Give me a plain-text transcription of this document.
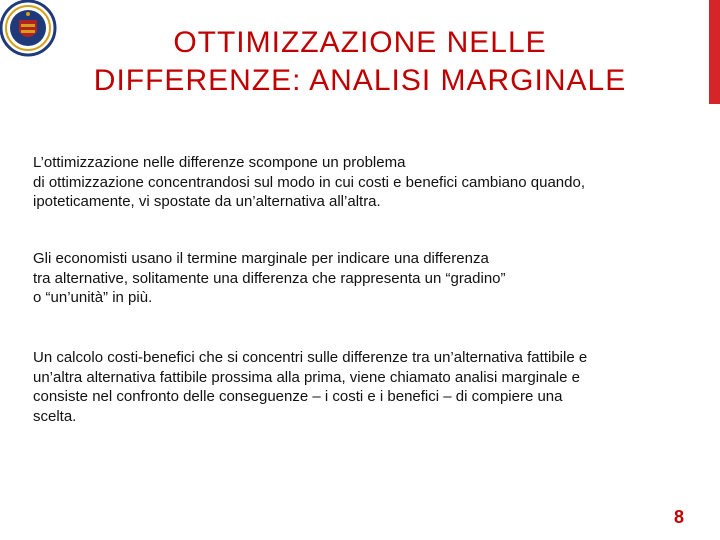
OTTIMIZZAZIONE NELLE
DIFFERENZE: ANALISI MARGINALE

L’ottimizzazione nelle differenze scompone un problema
di ottimizzazione concentrandosi sul modo in cui costi e benefici cambiano quando,
ipoteticamente, vi spostate da un’alternativa all’altra.

Gli economisti usano il termine marginale per indicare una differenza
tra alternative, solitamente una differenza che rappresenta un “gradino”
o “un’unità” in più.

Un calcolo costi-benefici che si concentri sulle differenze tra un’alternativa fattibile e
un’altra alternativa fattibile prossima alla prima, viene chiamato analisi marginale e
consiste nel confronto delle conseguenze – i costi e i benefici – di compiere una
scelta.

8
